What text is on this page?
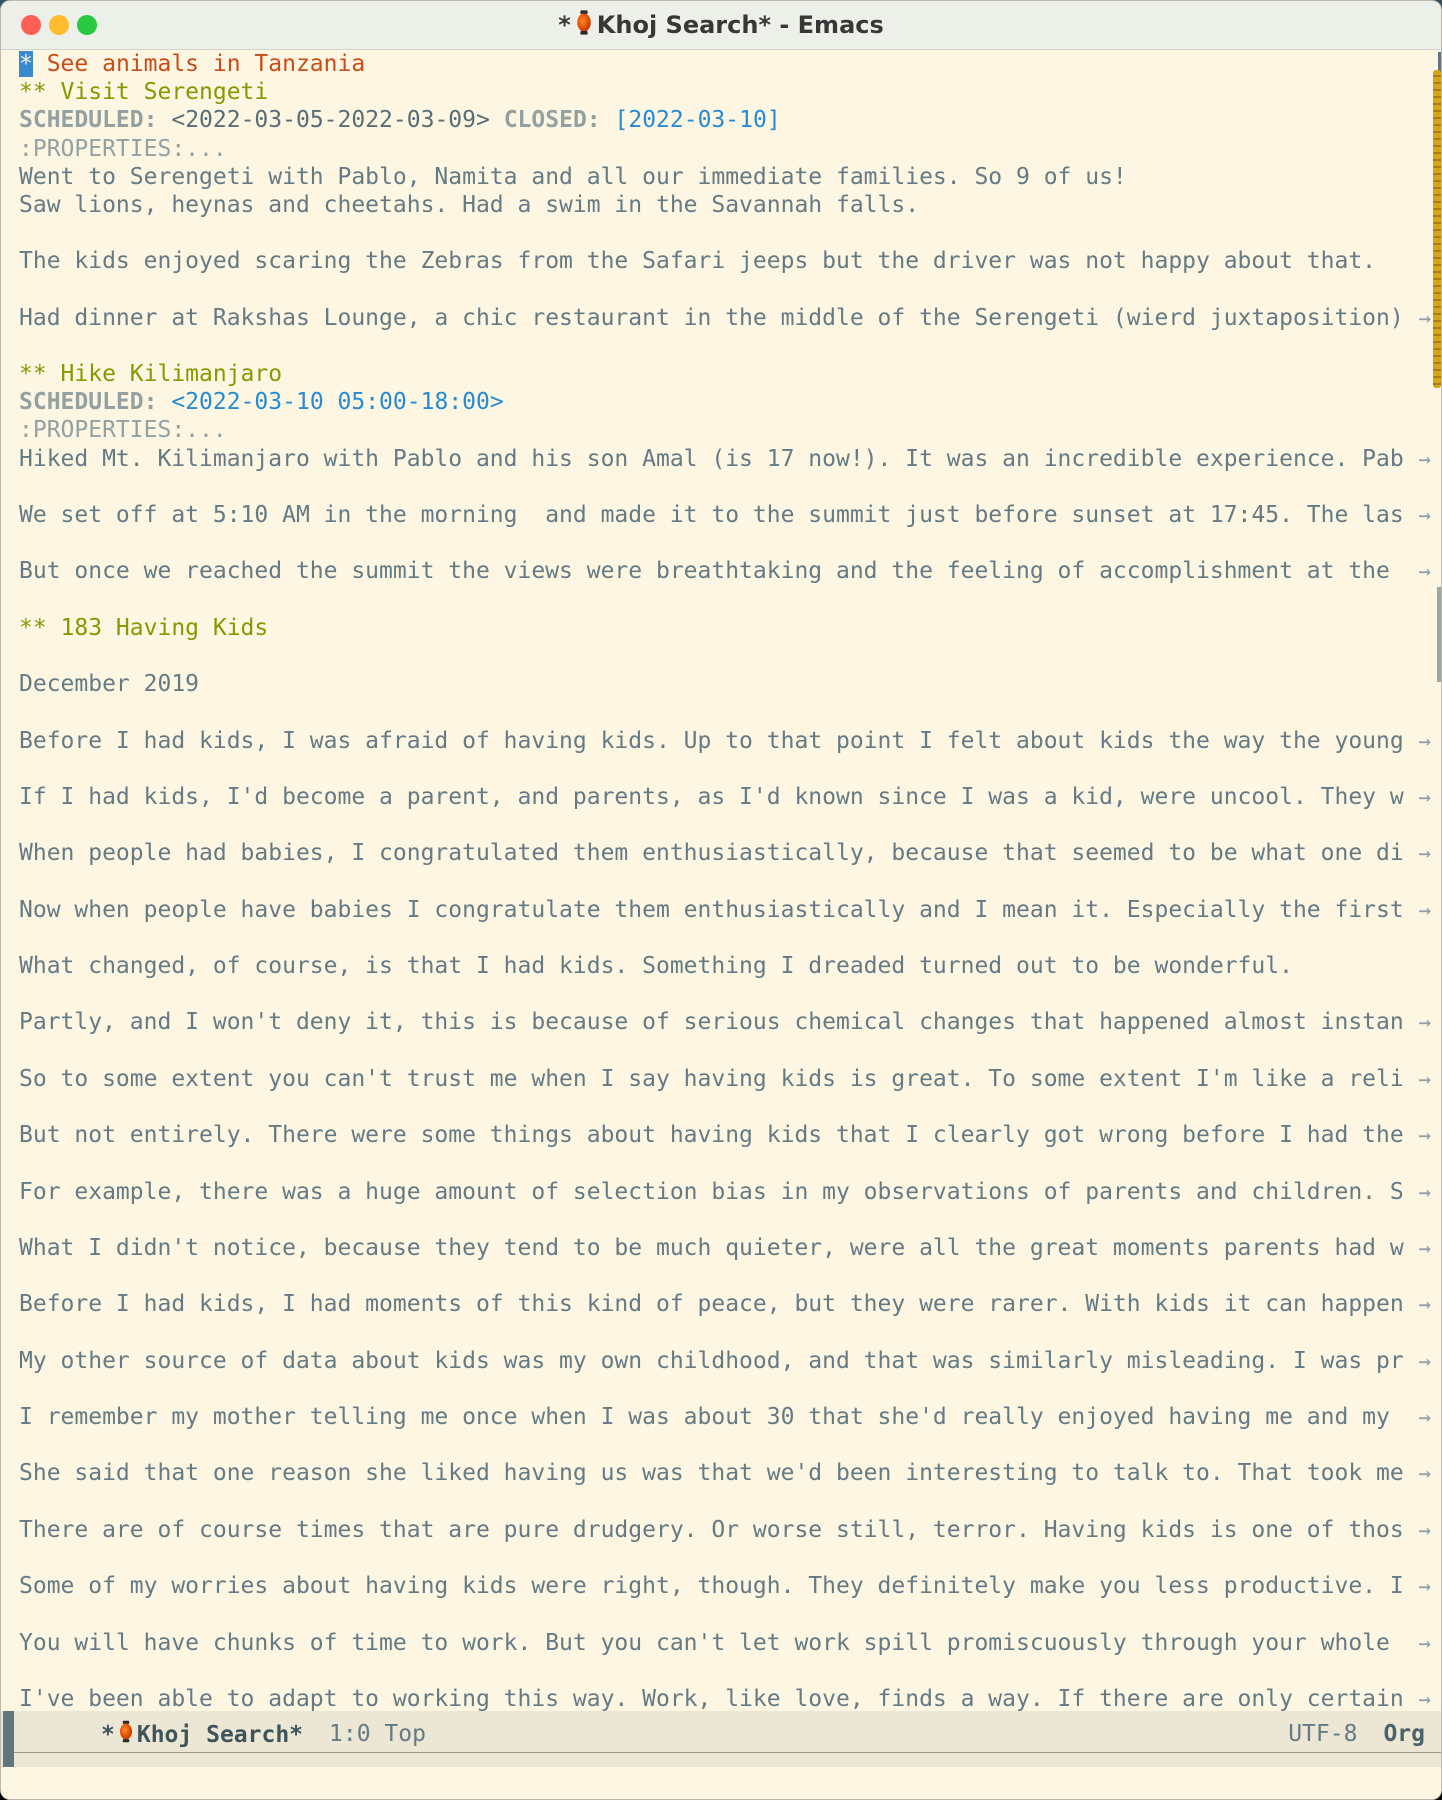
* Khoj Search* - Emacs
* See animals in Tanzania
** Visit Serengeti
SCHEDULED: <2022-03-05-2022-03-09> CLOSED: [2022-03-10]
:PROPERTIES:...
Went to Serengeti with Pablo, Namita and all our immediate families. So 9 of us!
Saw lions, heynas and cheetahs. Had a swim in the Savannah falls.
The kids enjoyed scaring the Zebras from the Safari jeeps but the driver was not happy about that.
Had dinner at Rakshas Lounge, a chic restaurant in the middle of the Serengeti (wierd juxtaposition) →
** Hike Kilimanjaro
SCHEDULED: <2022-03-10 05:00-18:00>
:PROPERTIES:...
Hiked Mt. Kilimanjaro with Pablo and his son Amal (is 17 now!). It was an incredible experience. Pab →
We set off at 5:10 AM in the morning  and made it to the summit just before sunset at 17:45. The las →
But once we reached the summit the views were breathtaking and the feeling of accomplishment at the →
** 183 Having Kids
December 2019
Before I had kids, I was afraid of having kids. Up to that point I felt about kids the way the young →
If I had kids, I'd become a parent, and parents, as I'd known since I was a kid, were uncool. They w →
When people had babies, I congratulated them enthusiastically, because that seemed to be what one di →
Now when people have babies I congratulate them enthusiastically and I mean it. Especially the first →
What changed, of course, is that I had kids. Something I dreaded turned out to be wonderful.
Partly, and I won't deny it, this is because of serious chemical changes that happened almost instan →
So to some extent you can't trust me when I say having kids is great. To some extent I'm like a reli →
But not entirely. There were some things about having kids that I clearly got wrong before I had the →
For example, there was a huge amount of selection bias in my observations of parents and children. S →
What I didn't notice, because they tend to be much quieter, were all the great moments parents had w →
Before I had kids, I had moments of this kind of peace, but they were rarer. With kids it can happen →
My other source of data about kids was my own childhood, and that was similarly misleading. I was pr →
I remember my mother telling me once when I was about 30 that she'd really enjoyed having me and my →
She said that one reason she liked having us was that we'd been interesting to talk to. That took me →
There are of course times that are pure drudgery. Or worse still, terror. Having kids is one of thos →
Some of my worries about having kids were right, though. They definitely make you less productive. I →
You will have chunks of time to work. But you can't let work spill promiscuously through your whole →
I've been able to adapt to working this way. Work, like love, finds a way. If there are only certain →
* Khoj Search* 1:0 Top	UTF-8 Org
